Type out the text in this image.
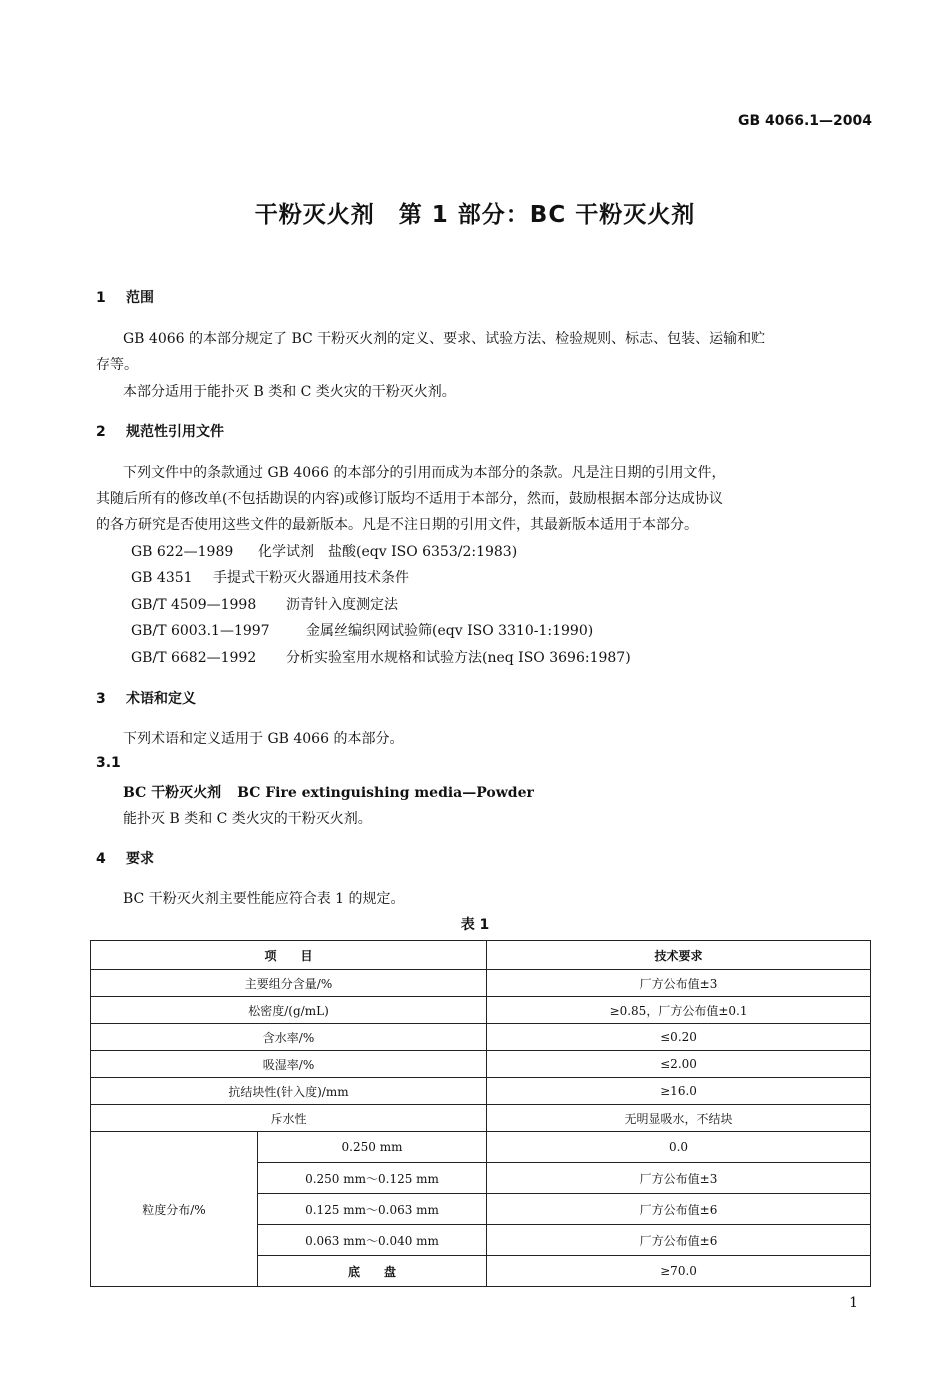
GB 4066.1—2004
干粉灭火剂　第 1 部分：BC 干粉灭火剂
1 范围
GB 4066 的本部分规定了 BC 干粉灭火剂的定义、要求、试验方法、检验规则、标志、包装、运输和贮
存等。
本部分适用于能扑灭 B 类和 C 类火灾的干粉灭火剂。
2 规范性引用文件
下列文件中的条款通过 GB 4066 的本部分的引用而成为本部分的条款。凡是注日期的引用文件，
其随后所有的修改单(不包括勘误的内容)或修订版均不适用于本部分，然而，鼓励根据本部分达成协议
的各方研究是否使用这些文件的最新版本。凡是不注日期的引用文件，其最新版本适用于本部分。
GB 622—1989 化学试剂　盐酸(eqv ISO 6353/2:1983)
GB 4351 手提式干粉灭火器通用技术条件
GB/T 4509—1998 沥青针入度测定法
GB/T 6003.1—1997	金属丝编织网试验筛(eqv ISO 3310-1:1990)
GB/T 6682—1992 分析实验室用水规格和试验方法(neq ISO 3696:1987)
3 术语和定义
下列术语和定义适用于 GB 4066 的本部分。
3.1
BC 干粉灭火剂 BC Fire extinguishing media—Powder
能扑灭 B 类和 C 类火灾的干粉灭火剂。
4 要求
BC 干粉灭火剂主要性能应符合表 1 的规定。
表 1
项　　目		技术要求
主要组分含量/%		厂方公布值±3
松密度/(g/mL)		≥0.85，厂方公布值±0.1
含水率/%		≤0.20
吸湿率/%		≤2.00
抗结块性(针入度)/mm		≥16.0
斥水性		无明显吸水，不结块
粒度分布/%	0.250 mm	0.0
	0.250 mm～0.125 mm	厂方公布值±3
	0.125 mm～0.063 mm	厂方公布值±6
	0.063 mm～0.040 mm	厂方公布值±6
	底　　盘	≥70.0
1
